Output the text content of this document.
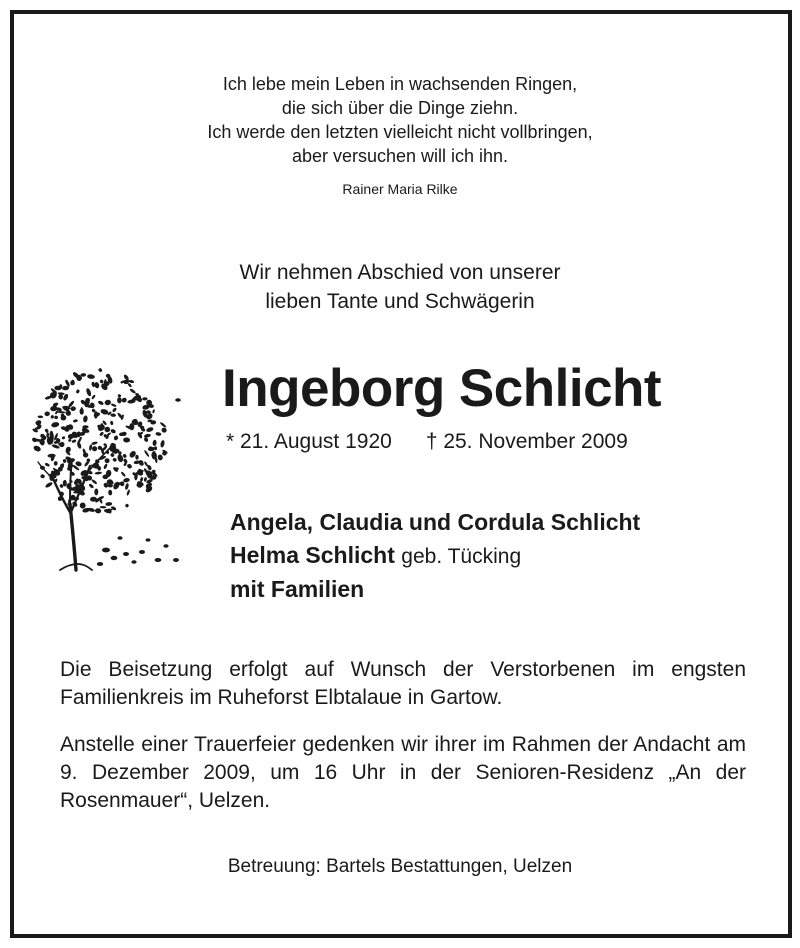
Ich lebe mein Leben in wachsenden Ringen,
die sich über die Dinge ziehn.
Ich werde den letzten vielleicht nicht vollbringen,
aber versuchen will ich ihn.
Rainer Maria Rilke
Wir nehmen Abschied von unserer
lieben Tante und Schwägerin
Ingeborg Schlicht
* 21. August 1920 † 25. November 2009
Angela, Claudia und Cordula Schlicht
Helma Schlicht geb. Tücking
mit Familien
Die Beisetzung erfolgt auf Wunsch der Verstorbenen im engsten Familienkreis im Ruheforst Elbtalaue in Gartow.
Anstelle einer Trauerfeier gedenken wir ihrer im Rahmen der Andacht am 9. Dezember 2009, um 16 Uhr in der Senioren-Residenz „An der Rosenmauer“, Uelzen.
Betreuung: Bartels Bestattungen, Uelzen
